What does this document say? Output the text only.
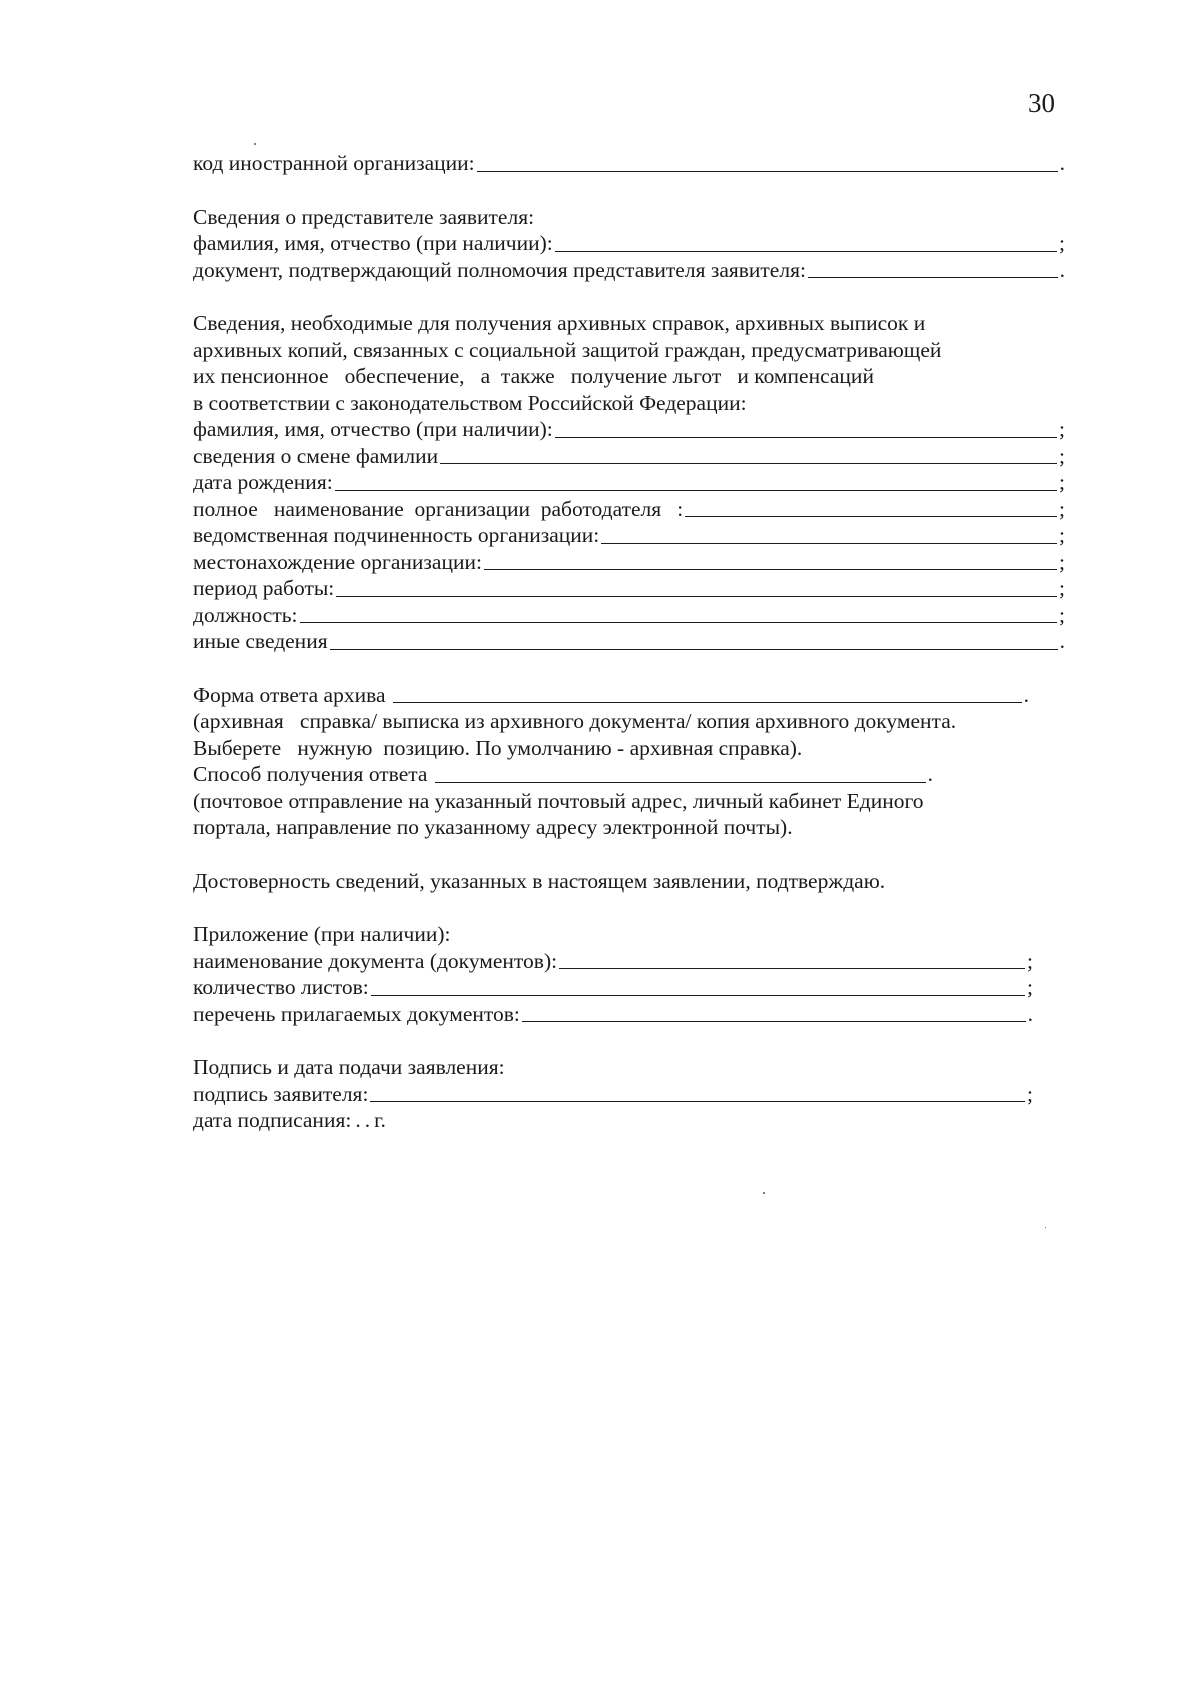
30
код иностранной организации:	.
Сведения о представителе заявителя:
фамилия, имя, отчество (при наличии):	;
документ, подтверждающий полномочия представителя заявителя:	.
Сведения, необходимые для получения архивных справок, архивных выписок и
архивных копий, связанных с социальной защитой граждан, предусматривающей
их пенсионное   обеспечение,   а  также   получение льгот   и компенсаций
в соответствии с законодательством Российской Федерации:
фамилия, имя, отчество (при наличии):	;
сведения о смене фамилии	;
дата рождения:	;
полное   наименование  организации  работодателя   :	;
ведомственная подчиненность организации:	;
местонахождение организации:	;
период работы:	;
должность:	;
иные сведения	.
Форма ответа архива	.
(архивная   справка/ выписка из архивного документа/ копия архивного документа.
Выберете   нужную  позицию. По умолчанию - архивная справка).
Способ получения ответа	.
(почтовое отправление на указанный почтовый адрес, личный кабинет Единого
портала, направление по указанному адресу электронной почты).
Достоверность сведений, указанных в настоящем заявлении, подтверждаю.
Приложение (при наличии):
наименование документа (документов):	;
количество листов:	;
перечень прилагаемых документов:	.
Подпись и дата подачи заявления:
подпись заявителя:	;
дата подписания: . . г.
